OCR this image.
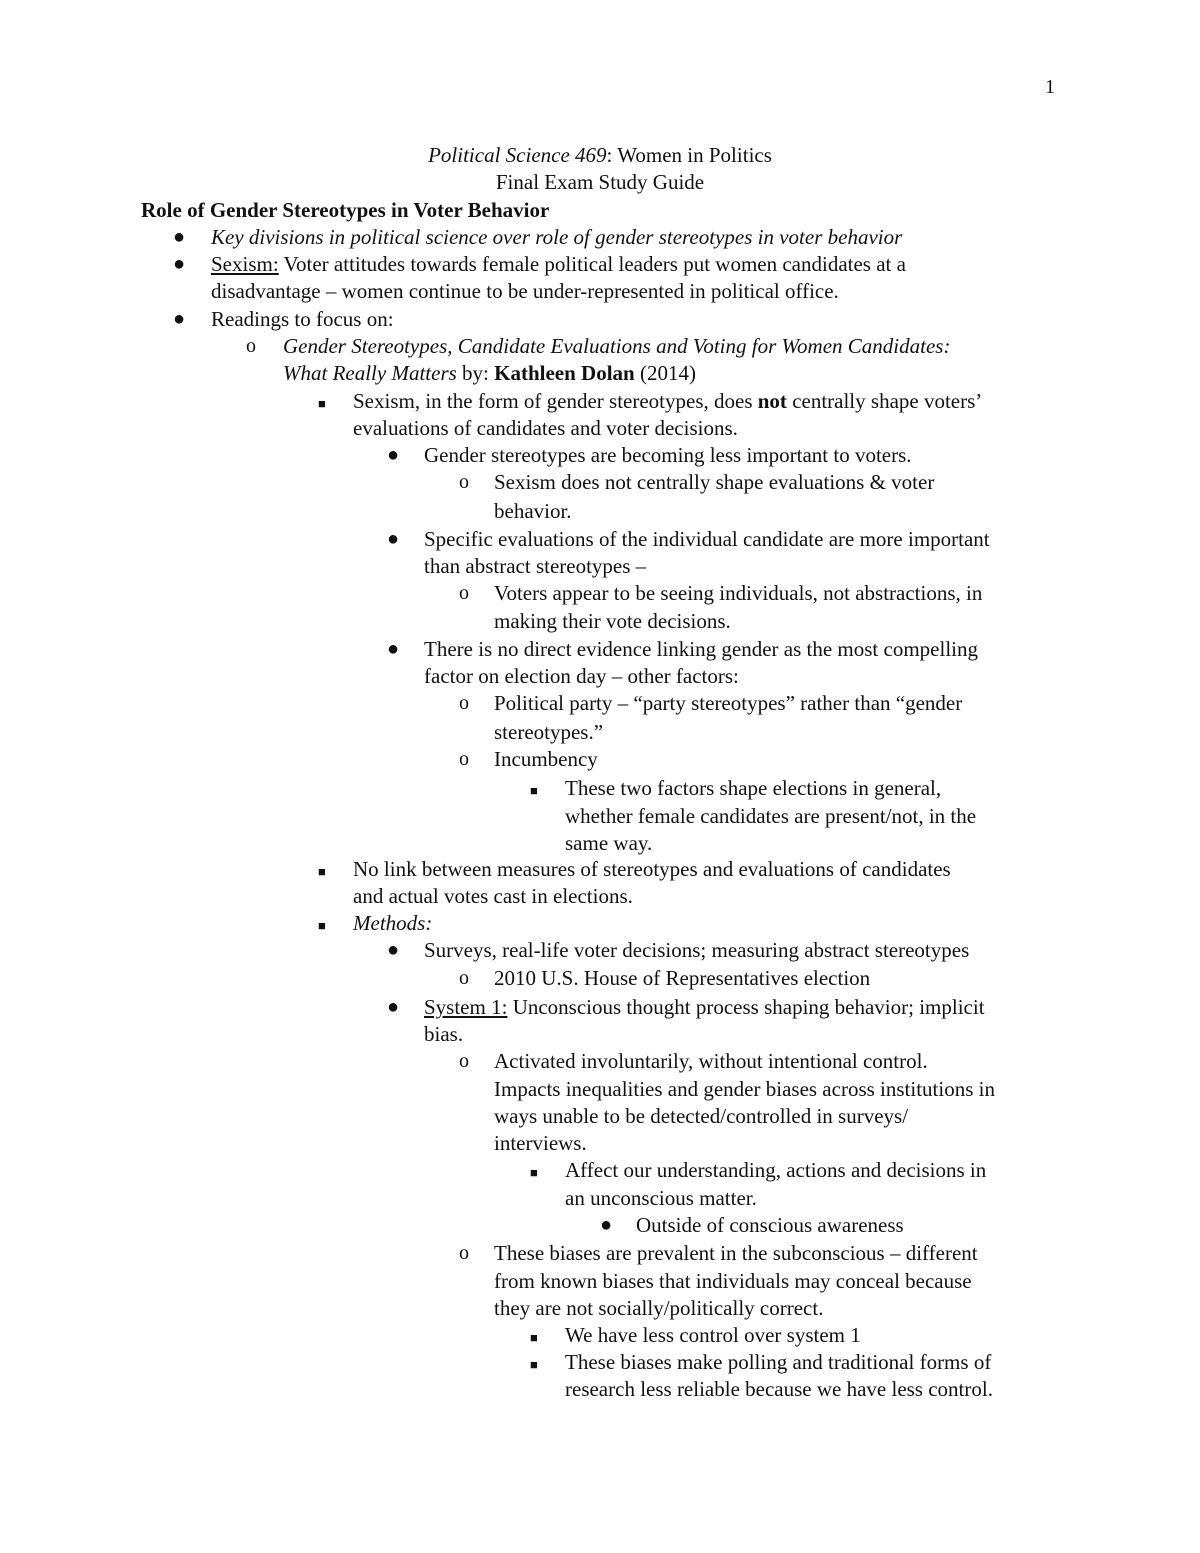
1
Political Science 469: Women in Politics
Final Exam Study Guide
Role of Gender Stereotypes in Voter Behavior
● Key divisions in political science over role of gender stereotypes in voter behavior
● Sexism: Voter attitudes towards female political leaders put women candidates at a
disadvantage – women continue to be under-represented in political office.
● Readings to focus on:
o Gender Stereotypes, Candidate Evaluations and Voting for Women Candidates:
What Really Matters by: Kathleen Dolan (2014)
■ Sexism, in the form of gender stereotypes, does not centrally shape voters’
evaluations of candidates and voter decisions.
● Gender stereotypes are becoming less important to voters.
o Sexism does not centrally shape evaluations & voter
behavior.
● Specific evaluations of the individual candidate are more important
than abstract stereotypes –
o Voters appear to be seeing individuals, not abstractions, in
making their vote decisions.
● There is no direct evidence linking gender as the most compelling
factor on election day – other factors:
o Political party – “party stereotypes” rather than “gender
stereotypes.”
o Incumbency
■ These two factors shape elections in general,
whether female candidates are present/not, in the
same way.
■ No link between measures of stereotypes and evaluations of candidates
and actual votes cast in elections.
■ Methods:
● Surveys, real-life voter decisions; measuring abstract stereotypes
o 2010 U.S. House of Representatives election
● System 1: Unconscious thought process shaping behavior; implicit
bias.
o Activated involuntarily, without intentional control.
Impacts inequalities and gender biases across institutions in
ways unable to be detected/controlled in surveys/
interviews.
■ Affect our understanding, actions and decisions in
an unconscious matter.
● Outside of conscious awareness
o These biases are prevalent in the subconscious – different
from known biases that individuals may conceal because
they are not socially/politically correct.
■ We have less control over system 1
■ These biases make polling and traditional forms of
research less reliable because we have less control.
